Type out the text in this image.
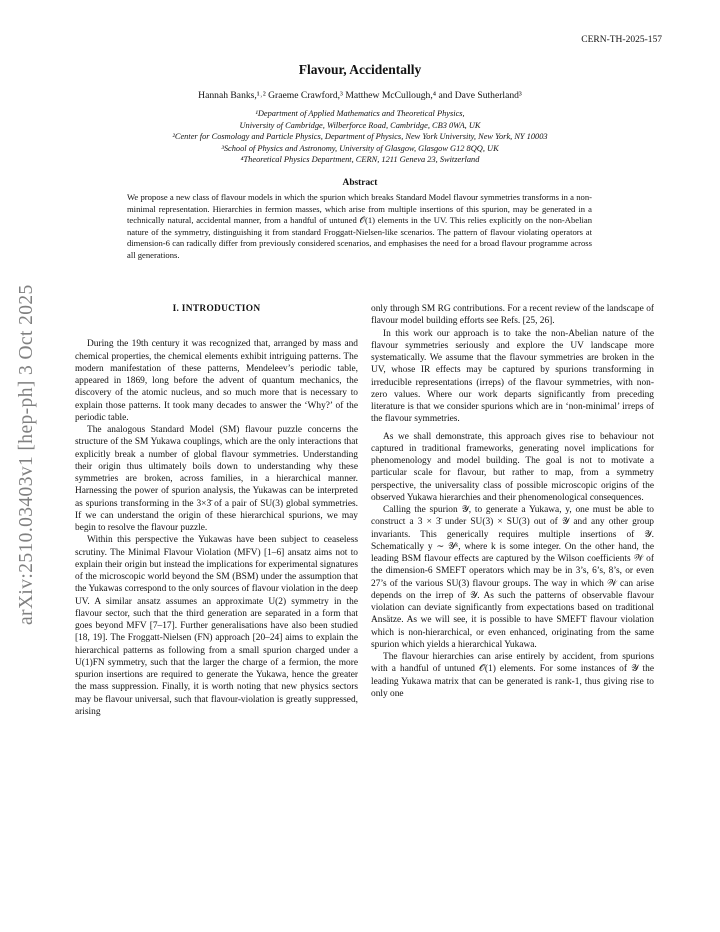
CERN-TH-2025-157
arXiv:2510.03403v1 [hep-ph] 3 Oct 2025
Flavour, Accidentally
Hannah Banks,¹˒² Graeme Crawford,³ Matthew McCullough,⁴ and Dave Sutherland³
¹Department of Applied Mathematics and Theoretical Physics,
University of Cambridge, Wilberforce Road, Cambridge, CB3 0WA, UK
²Center for Cosmology and Particle Physics, Department of Physics, New York University, New York, NY 10003
³School of Physics and Astronomy, University of Glasgow, Glasgow G12 8QQ, UK
⁴Theoretical Physics Department, CERN, 1211 Geneva 23, Switzerland
Abstract
We propose a new class of flavour models in which the spurion which breaks Standard Model flavour symmetries transforms in a non-minimal representation. Hierarchies in fermion masses, which arise from multiple insertions of this spurion, may be generated in a technically natural, accidental manner, from a handful of untuned 𝒪(1) elements in the UV. This relies explicitly on the non-Abelian nature of the symmetry, distinguishing it from standard Froggatt-Nielsen-like scenarios. The pattern of flavour violating operators at dimension-6 can radically differ from previously considered scenarios, and emphasises the need for a broad flavour programme across all generations.
I. INTRODUCTION

During the 19th century it was recognized that, arranged by mass and chemical properties, the chemical elements exhibit intriguing patterns. The modern manifestation of these patterns, Mendeleev’s periodic table, appeared in 1869, long before the advent of quantum mechanics, the discovery of the atomic nucleus, and so much more that is necessary to explain those patterns. It took many decades to answer the ‘Why?’ of the periodic table.

The analogous Standard Model (SM) flavour puzzle concerns the structure of the SM Yukawa couplings, which are the only interactions that explicitly break a number of global flavour symmetries. Understanding their origin thus ultimately boils down to understanding why these symmetries are broken, across families, in a hierarchical manner. Harnessing the power of spurion analysis, the Yukawas can be interpreted as spurions transforming in the 3×3̄ of a pair of SU(3) global symmetries. If we can understand the origin of these hierarchical spurions, we may begin to resolve the flavour puzzle.

Within this perspective the Yukawas have been subject to ceaseless scrutiny. The Minimal Flavour Violation (MFV) [1–6] ansatz aims not to explain their origin but instead the implications for experimental signatures of the microscopic world beyond the SM (BSM) under the assumption that the Yukawas correspond to the only sources of flavour violation in the deep UV. A similar ansatz assumes an approximate U(2) symmetry in the flavour sector, such that the third generation are separated in a form that goes beyond MFV [7–17]. Further generalisations have also been studied [18, 19]. The Froggatt-Nielsen (FN) approach [20–24] aims to explain the hierarchical patterns as following from a small spurion charged under a U(1)FN symmetry, such that the larger the charge of a fermion, the more spurion insertions are required to generate the Yukawa, hence the greater the mass suppression. Finally, it is worth noting that new physics sectors may be flavour universal, such that flavour-violation is greatly suppressed, arising

only through SM RG contributions. For a recent review of the landscape of flavour model building efforts see Refs. [25, 26].

In this work our approach is to take the non-Abelian nature of the flavour symmetries seriously and explore the UV landscape more systematically. We assume that the flavour symmetries are broken in the UV, whose IR effects may be captured by spurions transforming in irreducible representations (irreps) of the flavour symmetries, with non-zero values. Where our work departs significantly from preceding literature is that we consider spurions which are in ‘non-minimal’ irreps of the flavour symmetries.

As we shall demonstrate, this approach gives rise to behaviour not captured in traditional frameworks, generating novel implications for phenomenology and model building. The goal is not to motivate a particular scale for flavour, but rather to map, from a symmetry perspective, the universality class of possible microscopic origins of the observed Yukawa hierarchies and their phenomenological consequences.

Calling the spurion 𝒴, to generate a Yukawa, y, one must be able to construct a 3 × 3̄ under SU(3) × SU(3) out of 𝒴 and any other group invariants. This generically requires multiple insertions of 𝒴. Schematically y ∼ 𝒴ᵏ, where k is some integer. On the other hand, the leading BSM flavour effects are captured by the Wilson coefficients 𝒲 of the dimension-6 SMEFT operators which may be in 3’s, 6’s, 8’s, or even 27’s of the various SU(3) flavour groups. The way in which 𝒲 can arise depends on the irrep of 𝒴. As such the patterns of observable flavour violation can deviate significantly from expectations based on traditional Ansätze. As we will see, it is possible to have SMEFT flavour violation which is non-hierarchical, or even enhanced, originating from the same spurion which yields a hierarchical Yukawa.

The flavour hierarchies can arise entirely by accident, from spurions with a handful of untuned 𝒪(1) elements. For some instances of 𝒴 the leading Yukawa matrix that can be generated is rank-1, thus giving rise to only one
